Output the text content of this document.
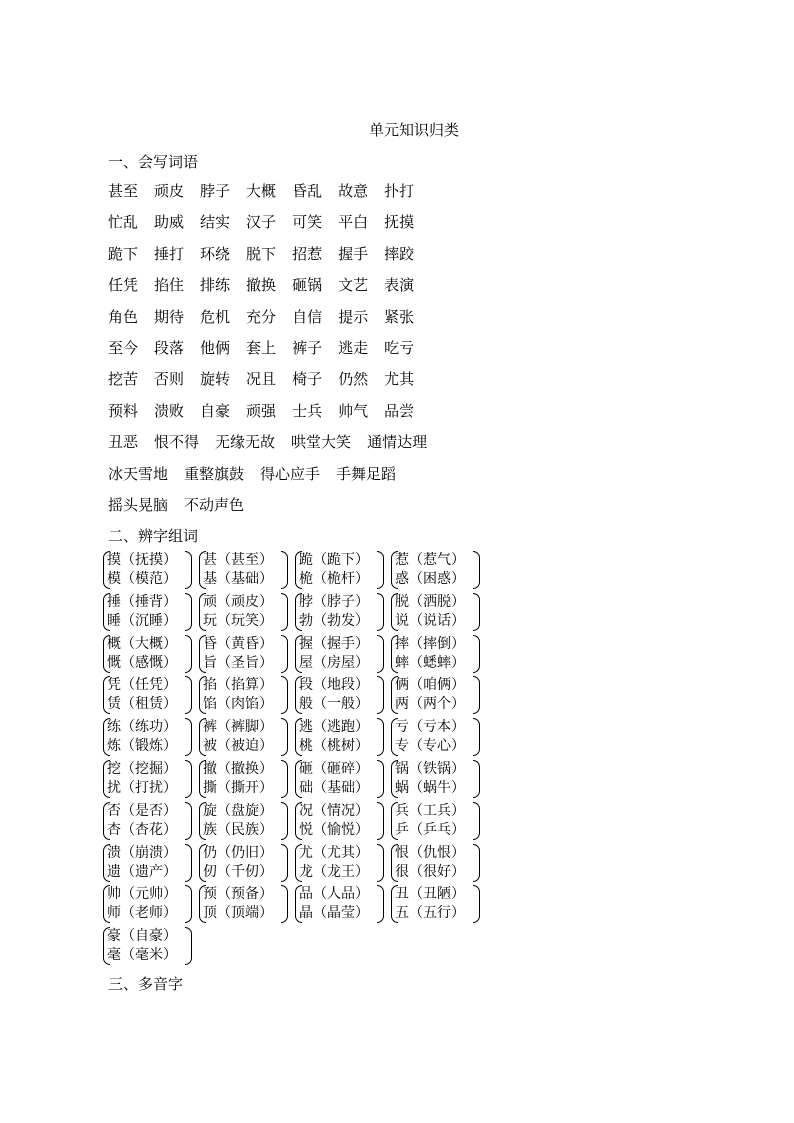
单元知识归类
一、会写词语
甚至 顽皮 脖子 大概 昏乱 故意 扑打
忙乱 助威 结实 汉子 可笑 平白 抚摸
跪下 捶打 环绕 脱下 招惹 握手 摔跤
任凭 掐住 排练 撤换 砸锅 文艺 表演
角色 期待 危机 充分 自信 提示 紧张
至今 段落 他俩 套上 裤子 逃走 吃亏
挖苦 否则 旋转 况且 椅子 仍然 尤其
预料 溃败 自豪 顽强 士兵 帅气 品尝
丑恶 恨不得 无缘无故 哄堂大笑 通情达理
冰天雪地 重整旗鼓 得心应手 手舞足蹈
摇头晃脑 不动声色
二、辨字组词
摸（抚摸）
模（模范）
甚（甚至）
基（基础）
跪（跪下）
桅（桅杆）
惹（惹气）
惑（困惑）
捶（捶背）
睡（沉睡）
顽（顽皮）
玩（玩笑）
脖（脖子）
勃（勃发）
脱（洒脱）
说（说话）
概（大概）
慨（感慨）
昏（黄昏）
旨（圣旨）
握（握手）
屋（房屋）
摔（摔倒）
蟀（蟋蟀）
凭（任凭）
赁（租赁）
掐（掐算）
馅（肉馅）
段（地段）
般（一般）
俩（咱俩）
两（两个）
练（练功）
炼（锻炼）
裤（裤脚）
被（被迫）
逃（逃跑）
桃（桃树）
亏（亏本）
专（专心）
挖（挖掘）
扰（打扰）
撤（撤换）
撕（撕开）
砸（砸碎）
础（基础）
锅（铁锅）
蜗（蜗牛）
否（是否）
杏（杏花）
旋（盘旋）
族（民族）
况（情况）
悦（愉悦）
兵（工兵）
乒（乒乓）
溃（崩溃）
遗（遗产）
仍（仍旧）
仞（千仞）
尤（尤其）
龙（龙王）
恨（仇恨）
很（很好）
帅（元帅）
师（老师）
预（预备）
顶（顶端）
品（人品）
晶（晶莹）
丑（丑陋）
五（五行）
豪（自豪）
毫（毫米）
三、多音字
